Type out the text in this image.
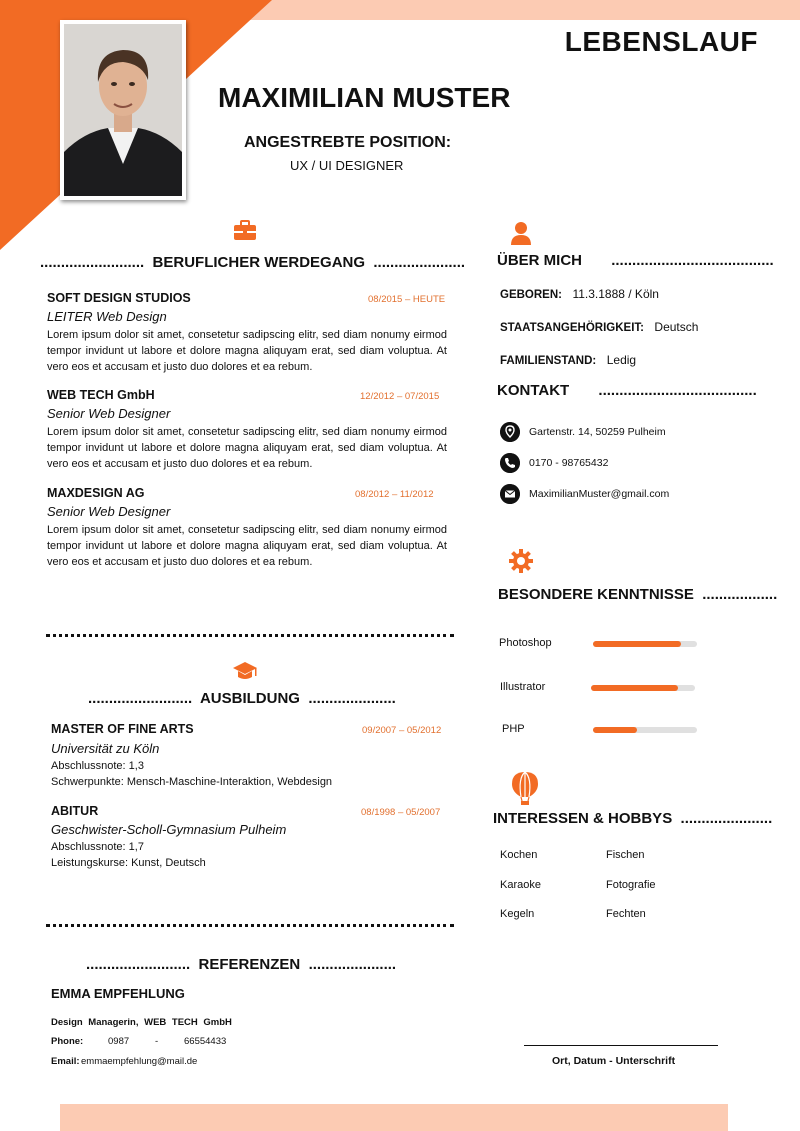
LEBENSLAUF
MAXIMILIAN MUSTER
ANGESTREBTE POSITION:
UX / UI DESIGNER
......................... BERUFLICHER WERDEGANG ......................
SOFT DESIGN STUDIOS	08/2015 – HEUTE
LEITER Web Design
Lorem ipsum dolor sit amet, consetetur sadipscing elitr, sed diam nonumy eirmod tempor invidunt ut labore et dolore magna aliquyam erat, sed diam voluptua. At vero eos et accusam et justo duo dolores et ea rebum.
WEB TECH GmbH	12/2012 – 07/2015
Senior Web Designer
Lorem ipsum dolor sit amet, consetetur sadipscing elitr, sed diam nonumy eirmod tempor invidunt ut labore et dolore magna aliquyam erat, sed diam voluptua. At vero eos et accusam et justo duo dolores et ea rebum.
MAXDESIGN AG	08/2012 – 11/2012
Senior Web Designer
Lorem ipsum dolor sit amet, consetetur sadipscing elitr, sed diam nonumy eirmod tempor invidunt ut labore et dolore magna aliquyam erat, sed diam voluptua. At vero eos et accusam et justo duo dolores et ea rebum.
......................... AUSBILDUNG .....................
MASTER OF FINE ARTS	09/2007 – 05/2012
Universität zu Köln
Abschlussnote: 1,3
Schwerpunkte: Mensch-Maschine-Interaktion, Webdesign
ABITUR	08/1998 – 05/2007
Geschwister-Scholl-Gymnasium Pulheim
Abschlussnote: 1,7
Leistungskurse: Kunst, Deutsch
......................... REFERENZEN .....................
EMMA EMPFEHLUNG
Design Managerin, WEB TECH GmbH
Phone:	0987	-	66554433
Email: emmaempfehlung@mail.de
ÜBER MICH .......................................
GEBOREN: 11.3.1888 / Köln
STAATSANGEHÖRIGKEIT: Deutsch
FAMILIENSTAND: Ledig
KONTAKT ......................................
Gartenstr. 14, 50259 Pulheim
0170 - 98765432
MaximilianMuster@gmail.com
BESONDERE KENNTNISSE ..................
Photoshop
Illustrator
PHP
INTERESSEN & HOBBYS ......................
Kochen	Fischen
Karaoke	Fotografie
Kegeln	Fechten
Ort, Datum - Unterschrift
